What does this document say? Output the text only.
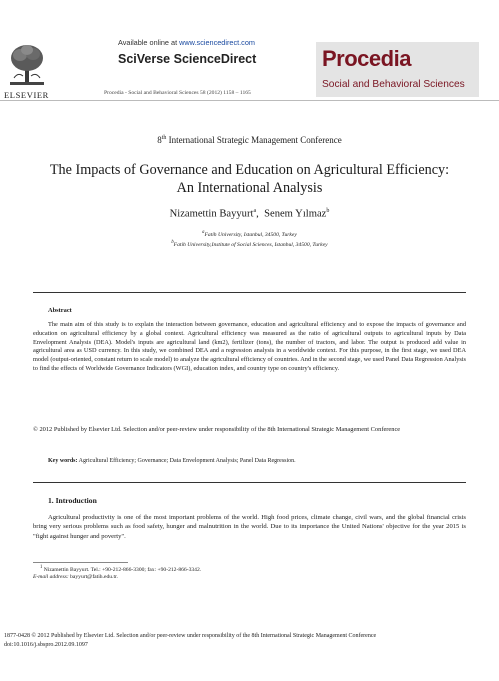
ELSEVIER
Available online at www.sciencedirect.com
SciVerse ScienceDirect
Procedia - Social and Behavioral Sciences 58 (2012) 1158 – 1165
Procedia
Social and Behavioral Sciences
8th International Strategic Management Conference
The Impacts of Governance and Education on Agricultural Efficiency: An International Analysis
Nizamettin Bayyurt$^a$,  Senem Yılmaz$^b$
$^a$Fatih University, Istanbul, 34500, Turkey
$^b$Fatih University,Institute of Social Sciences, Istanbul, 34500, Turkey
Abstract
The main aim of this study is to explain the interaction between governance, education and agricultural efficiency and to expose the impacts of governance and education on agricultural efficiency by a global context. Agricultural efficiency was measured as the ratio of agricultural outputs to agricultural inputs by Data Envelopment Analysis (DEA). Model's inputs are agricultural land (km2), fertilizer (tons), the number of tractors, and labor. The output is produced add value in agricultural area as USD currency. In this study, we combined DEA and a regression analysis in a worldwide context. For this purpose, in the first stage, we used DEA model (output-oriented, constant return to scale model) to analyze the agricultural efficiency of countries. And in the second stage, we used Panel Data Regression Analysis to find the effects of Worldwide Governance Indicators (WGI), education index, and country type on country's efficiency.
© 2012 Published by Elsevier Ltd. Selection and/or peer-review under responsibility of the 8th International Strategic Management Conference
Key words: Agricultural Efficiency; Governance; Data Envelopment Analysis; Panel Data Regression.
1. Introduction
Agricultural productivity is one of the most important problems of the world. High food prices, climate change, civil wars, and the global financial crisis bring very serious problems such as food safety, hunger and malnutrition in the world. Due to its importance the United Nations' objective for the year 2015 is "fight against hunger and poverty".
$^1$ Nizamettin Bayyurt. Tel.: +90-212-866-3300; fax: +90-212-866-3342.
E-mail address: bayyurt@fatih.edu.tr.
1877-0428 © 2012 Published by Elsevier Ltd. Selection and/or peer-review under responsibility of the 8th International Strategic Management Conference
doi:10.1016/j.sbspro.2012.09.1097
